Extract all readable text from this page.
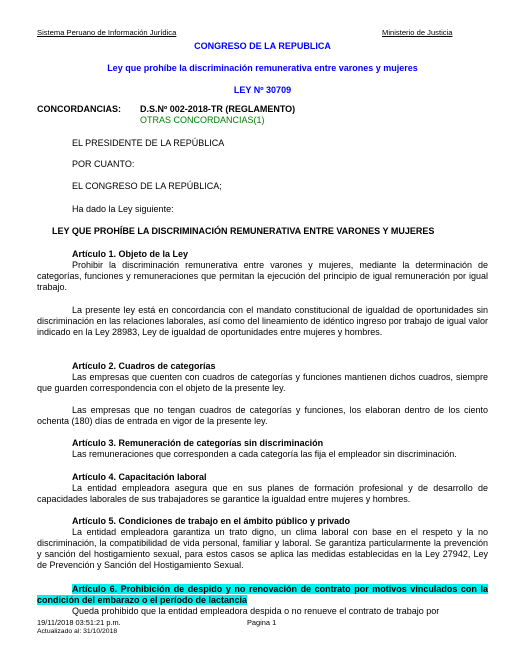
Sistema Peruano de Información Jurídica	Ministerio de Justicia
CONGRESO DE LA REPUBLICA
Ley que prohíbe la discriminación remunerativa entre varones y mujeres
LEY Nº 30709
CONCORDANCIAS: D.S.Nº 002-2018-TR (REGLAMENTO)
OTRAS CONCORDANCIAS(1)
EL PRESIDENTE DE LA REPÚBLICA
POR CUANTO:
EL CONGRESO DE LA REPÚBLICA;
Ha dado la Ley siguiente:
LEY QUE PROHÍBE LA DISCRIMINACIÓN REMUNERATIVA ENTRE VARONES Y MUJERES
Artículo 1. Objeto de la Ley
Prohibir la discriminación remunerativa entre varones y mujeres, mediante la determinación de categorías, funciones y remuneraciones que permitan la ejecución del principio de igual remuneración por igual trabajo.
La presente ley está en concordancia con el mandato constitucional de igualdad de oportunidades sin discriminación en las relaciones laborales, así como del lineamiento de idéntico ingreso por trabajo de igual valor indicado en la Ley 28983, Ley de igualdad de oportunidades entre mujeres y hombres.
Artículo 2. Cuadros de categorías
Las empresas que cuenten con cuadros de categorías y funciones mantienen dichos cuadros, siempre que guarden correspondencia con el objeto de la presente ley.
Las empresas que no tengan cuadros de categorías y funciones, los elaboran dentro de los ciento ochenta (180) días de entrada en vigor de la presente ley.
Artículo 3. Remuneración de categorías sin discriminación
Las remuneraciones que corresponden a cada categoría las fija el empleador sin discriminación.
Artículo 4. Capacitación laboral
La entidad empleadora asegura que en sus planes de formación profesional y de desarrollo de capacidades laborales de sus trabajadores se garantice la igualdad entre mujeres y hombres.
Artículo 5. Condiciones de trabajo en el ámbito público y privado
La entidad empleadora garantiza un trato digno, un clima laboral con base en el respeto y la no discriminación, la compatibilidad de vida personal, familiar y laboral. Se garantiza particularmente la prevención y sanción del hostigamiento sexual, para estos casos se aplica las medidas establecidas en la Ley 27942, Ley de Prevención y Sanción del Hostigamiento Sexual.
Artículo 6. Prohibición de despido y no renovación de contrato por motivos vinculados con la condición del embarazo o el período de lactancia
Queda prohibido que la entidad empleadora despida o no renueve el contrato de trabajo por
19/11/2018 03:51:21 p.m.	Pagina 1
Actualizado al: 31/10/2018
